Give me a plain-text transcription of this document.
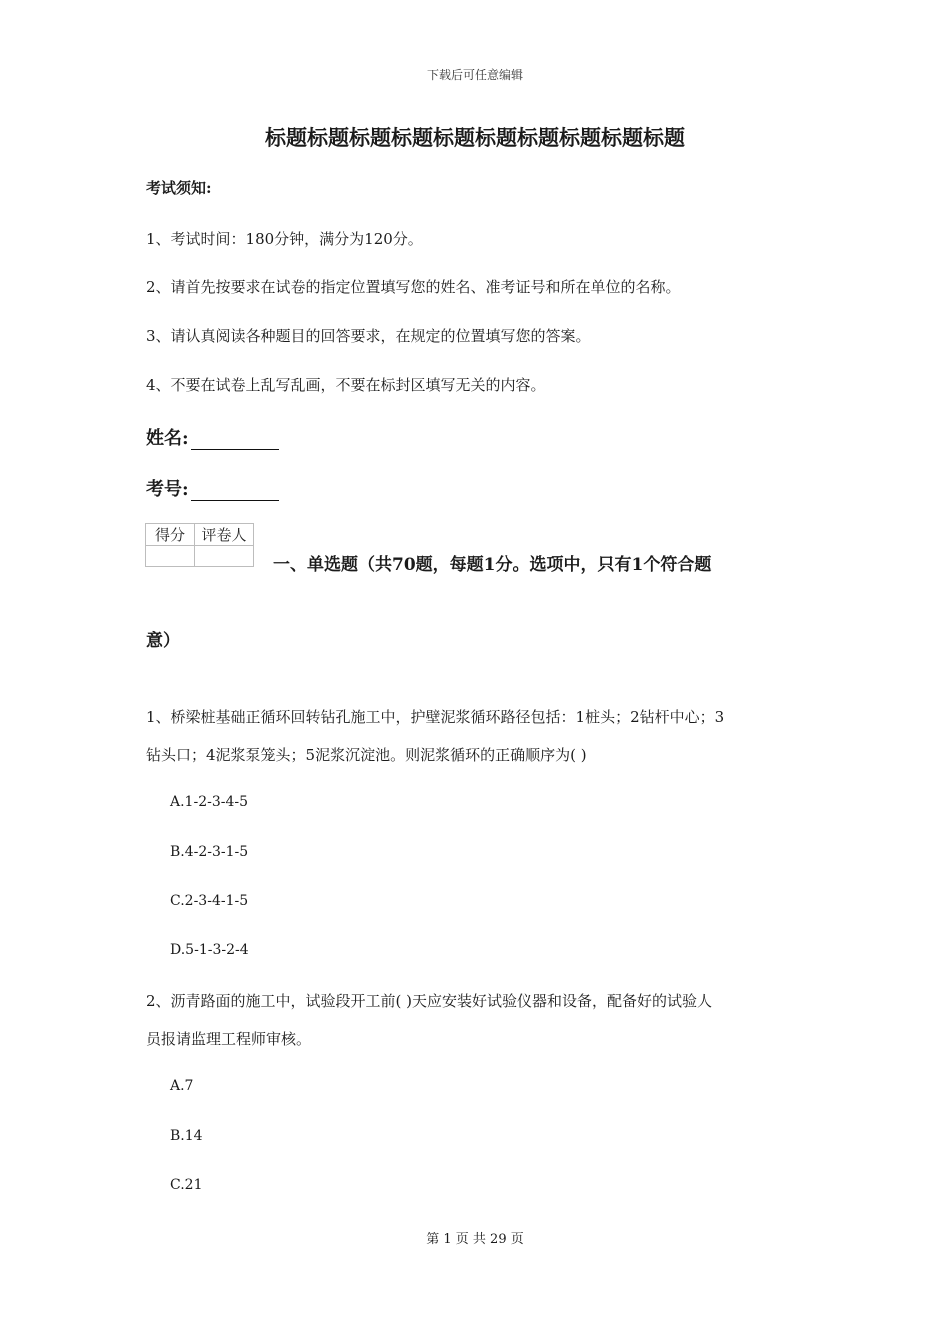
下载后可任意编辑
标题标题标题标题标题标题标题标题标题标题
考试须知:
1、考试时间：180分钟，满分为120分。
2、请首先按要求在试卷的指定位置填写您的姓名、准考证号和所在单位的名称。
3、请认真阅读各种题目的回答要求，在规定的位置填写您的答案。
4、不要在试卷上乱写乱画，不要在标封区填写无关的内容。
姓名:
考号:
得分	评卷人

一、单选题（共70题，每题1分。选项中，只有1个符合题
意）
1、桥梁桩基础正循环回转钻孔施工中，护壁泥浆循环路径包括：1桩头；2钻杆中心；3
钻头口；4泥浆泵笼头；5泥浆沉淀池。则泥浆循环的正确顺序为( )
A.1-2-3-4-5
B.4-2-3-1-5
C.2-3-4-1-5
D.5-1-3-2-4
2、沥青路面的施工中，试验段开工前( )天应安装好试验仪器和设备，配备好的试验人
员报请监理工程师审核。
A.7
B.14
C.21
第 1 页 共 29 页
